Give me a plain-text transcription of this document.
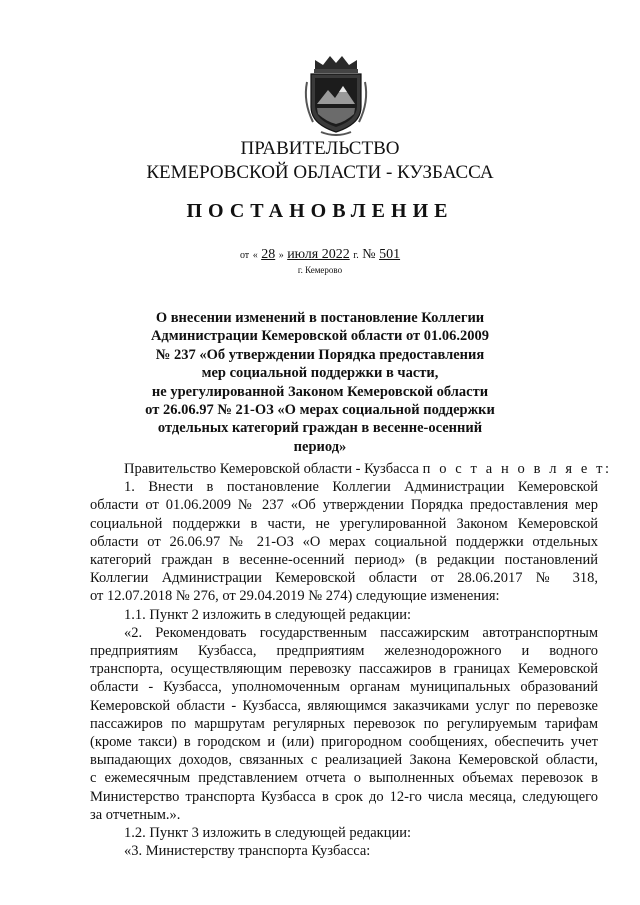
ПРАВИТЕЛЬСТВО
КЕМЕРОВСКОЙ ОБЛАСТИ - КУЗБАССА
ПОСТАНОВЛЕНИЕ
от « 28 » июля 2022 г. № 501
г. Кемерово
О внесении изменений в постановление Коллегии
Администрации Кемеровской области от 01.06.2009
№ 237 «Об утверждении Порядка предоставления
мер социальной поддержки в части,
не урегулированной Законом Кемеровской области
от 26.06.97 № 21-ОЗ «О мерах социальной поддержки
отдельных категорий граждан в весенне-осенний
период»
Правительство Кемеровской области - Кузбасса п о с т а н о в л я е т:
1. Внести в постановление Коллегии Администрации Кемеровской
области от 01.06.2009 № 237 «Об утверждении Порядка предоставления мер
социальной поддержки в части, не урегулированной Законом Кемеровской
области от 26.06.97 № 21-ОЗ «О мерах социальной поддержки отдельных
категорий граждан в весенне-осенний период» (в редакции постановлений
Коллегии Администрации Кемеровской области от 28.06.2017 № 318,
от 12.07.2018 № 276, от 29.04.2019 № 274) следующие изменения:
1.1. Пункт 2 изложить в следующей редакции:
«2. Рекомендовать государственным пассажирским автотранспортным
предприятиям Кузбасса, предприятиям железнодорожного и водного
транспорта, осуществляющим перевозку пассажиров в границах Кемеровской
области - Кузбасса, уполномоченным органам муниципальных образований
Кемеровской области - Кузбасса, являющимся заказчиками услуг по перевозке
пассажиров по маршрутам регулярных перевозок по регулируемым тарифам
(кроме такси) в городском и (или) пригородном сообщениях, обеспечить учет
выпадающих доходов, связанных с реализацией Закона Кемеровской области,
с ежемесячным представлением отчета о выполненных объемах перевозок в
Министерство транспорта Кузбасса в срок до 12-го числа месяца, следующего
за отчетным.».
1.2. Пункт 3 изложить в следующей редакции:
«3. Министерству транспорта Кузбасса:
